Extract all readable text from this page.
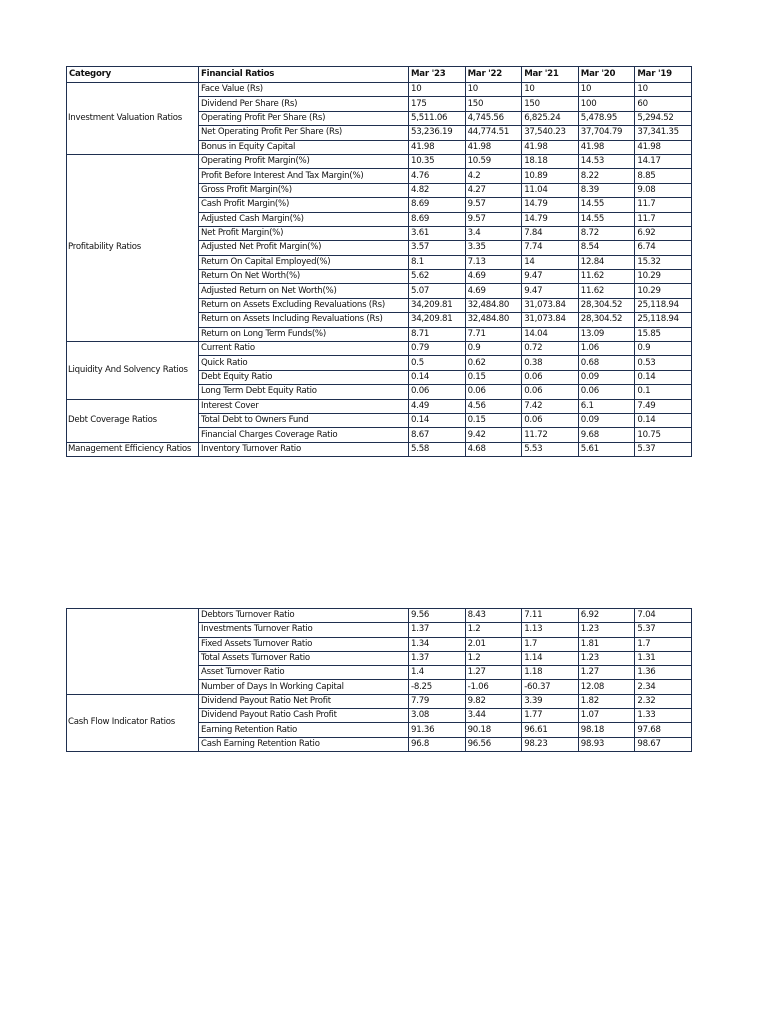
Category	Financial Ratios	Mar '23	Mar '22	Mar '21	Mar '20	Mar '19
Investment Valuation Ratios	Face Value (Rs)	10	10	10	10	10
	Dividend Per Share (Rs)	175	150	150	100	60
	Operating Profit Per Share (Rs)	5,511.06	4,745.56	6,825.24	5,478.95	5,294.52
	Net Operating Profit Per Share (Rs)	53,236.19	44,774.51	37,540.23	37,704.79	37,341.35
	Bonus in Equity Capital	41.98	41.98	41.98	41.98	41.98
Profitability Ratios	Operating Profit Margin(%)	10.35	10.59	18.18	14.53	14.17
	Profit Before Interest And Tax Margin(%)	4.76	4.2	10.89	8.22	8.85
	Gross Profit Margin(%)	4.82	4.27	11.04	8.39	9.08
	Cash Profit Margin(%)	8.69	9.57	14.79	14.55	11.7
	Adjusted Cash Margin(%)	8.69	9.57	14.79	14.55	11.7
	Net Profit Margin(%)	3.61	3.4	7.84	8.72	6.92
	Adjusted Net Profit Margin(%)	3.57	3.35	7.74	8.54	6.74
	Return On Capital Employed(%)	8.1	7.13	14	12.84	15.32
	Return On Net Worth(%)	5.62	4.69	9.47	11.62	10.29
	Adjusted Return on Net Worth(%)	5.07	4.69	9.47	11.62	10.29
	Return on Assets Excluding Revaluations (Rs)	34,209.81	32,484.80	31,073.84	28,304.52	25,118.94
	Return on Assets Including Revaluations (Rs)	34,209.81	32,484.80	31,073.84	28,304.52	25,118.94
	Return on Long Term Funds(%)	8.71	7.71	14.04	13.09	15.85
Liquidity And Solvency Ratios	Current Ratio	0.79	0.9	0.72	1.06	0.9
	Quick Ratio	0.5	0.62	0.38	0.68	0.53
	Debt Equity Ratio	0.14	0.15	0.06	0.09	0.14
	Long Term Debt Equity Ratio	0.06	0.06	0.06	0.06	0.1
Debt Coverage Ratios	Interest Cover	4.49	4.56	7.42	6.1	7.49
	Total Debt to Owners Fund	0.14	0.15	0.06	0.09	0.14
	Financial Charges Coverage Ratio	8.67	9.42	11.72	9.68	10.75
Management Efficiency Ratios	Inventory Turnover Ratio	5.58	4.68	5.53	5.61	5.37
	Debtors Turnover Ratio	9.56	8.43	7.11	6.92	7.04
	Investments Turnover Ratio	1.37	1.2	1.13	1.23	5.37
	Fixed Assets Turnover Ratio	1.34	2.01	1.7	1.81	1.7
	Total Assets Turnover Ratio	1.37	1.2	1.14	1.23	1.31
	Asset Turnover Ratio	1.4	1.27	1.18	1.27	1.36
	Number of Days In Working Capital	-8.25	-1.06	-60.37	12.08	2.34
Cash Flow Indicator Ratios	Dividend Payout Ratio Net Profit	7.79	9.82	3.39	1.82	2.32
	Dividend Payout Ratio Cash Profit	3.08	3.44	1.77	1.07	1.33
	Earning Retention Ratio	91.36	90.18	96.61	98.18	97.68
	Cash Earning Retention Ratio	96.8	96.56	98.23	98.93	98.67
